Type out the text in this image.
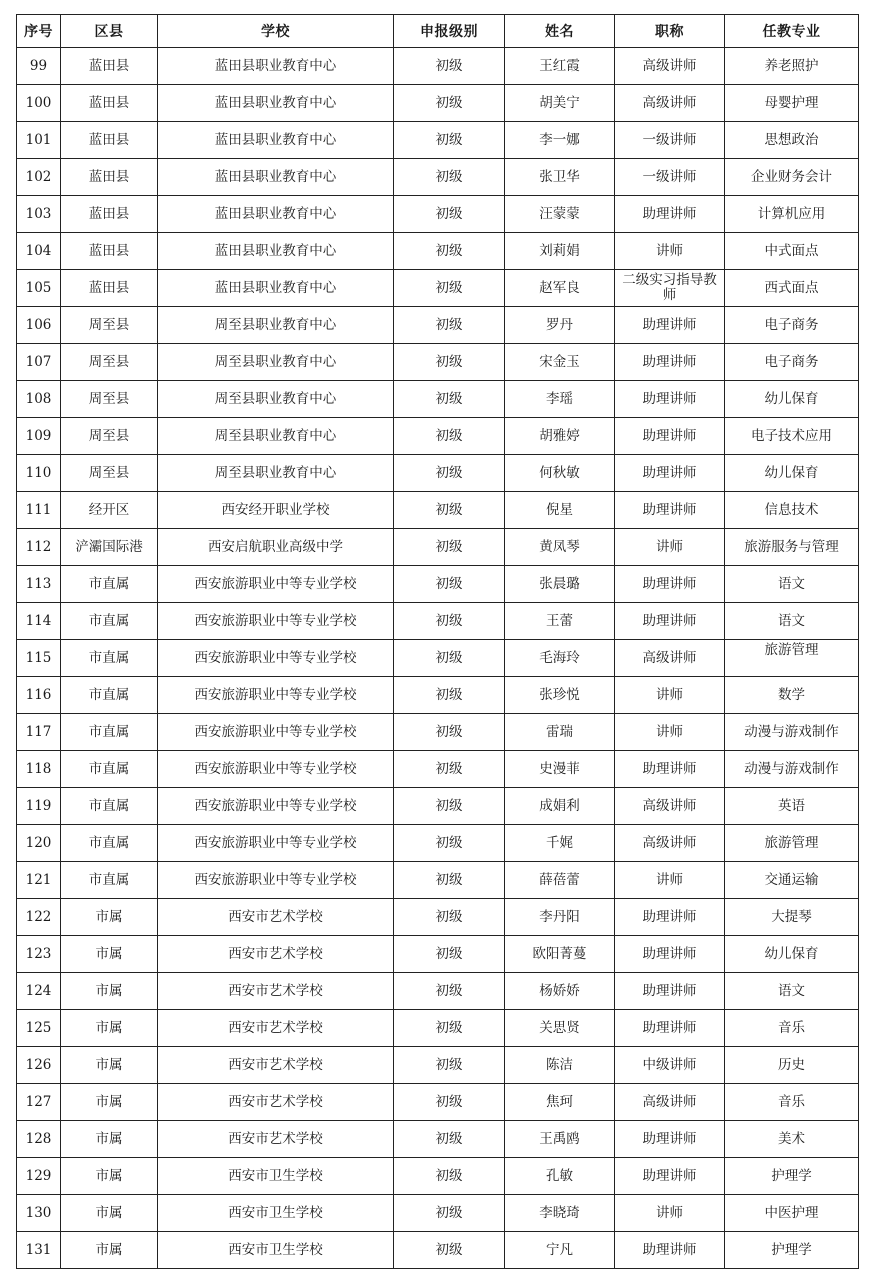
序号	区县	学校	申报级别	姓名	职称	任教专业
99	蓝田县	蓝田县职业教育中心	初级	王红霞	高级讲师	养老照护
100	蓝田县	蓝田县职业教育中心	初级	胡美宁	高级讲师	母婴护理
101	蓝田县	蓝田县职业教育中心	初级	李一娜	一级讲师	思想政治
102	蓝田县	蓝田县职业教育中心	初级	张卫华	一级讲师	企业财务会计
103	蓝田县	蓝田县职业教育中心	初级	汪蒙蒙	助理讲师	计算机应用
104	蓝田县	蓝田县职业教育中心	初级	刘莉娟	讲师	中式面点
105	蓝田县	蓝田县职业教育中心	初级	赵军良	二级实习指导教师	西式面点
106	周至县	周至县职业教育中心	初级	罗丹	助理讲师	电子商务
107	周至县	周至县职业教育中心	初级	宋金玉	助理讲师	电子商务
108	周至县	周至县职业教育中心	初级	李瑶	助理讲师	幼儿保育
109	周至县	周至县职业教育中心	初级	胡雅婷	助理讲师	电子技术应用
110	周至县	周至县职业教育中心	初级	何秋敏	助理讲师	幼儿保育
111	经开区	西安经开职业学校	初级	倪星	助理讲师	信息技术
112	浐灞国际港	西安启航职业高级中学	初级	黄凤琴	讲师	旅游服务与管理
113	市直属	西安旅游职业中等专业学校	初级	张晨璐	助理讲师	语文
114	市直属	西安旅游职业中等专业学校	初级	王蕾	助理讲师	语文
115	市直属	西安旅游职业中等专业学校	初级	毛海玲	高级讲师	旅游管理
116	市直属	西安旅游职业中等专业学校	初级	张珍悦	讲师	数学
117	市直属	西安旅游职业中等专业学校	初级	雷瑞	讲师	动漫与游戏制作
118	市直属	西安旅游职业中等专业学校	初级	史漫菲	助理讲师	动漫与游戏制作
119	市直属	西安旅游职业中等专业学校	初级	成娟利	高级讲师	英语
120	市直属	西安旅游职业中等专业学校	初级	千娓	高级讲师	旅游管理
121	市直属	西安旅游职业中等专业学校	初级	薛蓓蕾	讲师	交通运输
122	市属	西安市艺术学校	初级	李丹阳	助理讲师	大提琴
123	市属	西安市艺术学校	初级	欧阳菁蔓	助理讲师	幼儿保育
124	市属	西安市艺术学校	初级	杨娇娇	助理讲师	语文
125	市属	西安市艺术学校	初级	关思贤	助理讲师	音乐
126	市属	西安市艺术学校	初级	陈洁	中级讲师	历史
127	市属	西安市艺术学校	初级	焦珂	高级讲师	音乐
128	市属	西安市艺术学校	初级	王禹鸥	助理讲师	美术
129	市属	西安市卫生学校	初级	孔敏	助理讲师	护理学
130	市属	西安市卫生学校	初级	李晓琦	讲师	中医护理
131	市属	西安市卫生学校	初级	宁凡	助理讲师	护理学
